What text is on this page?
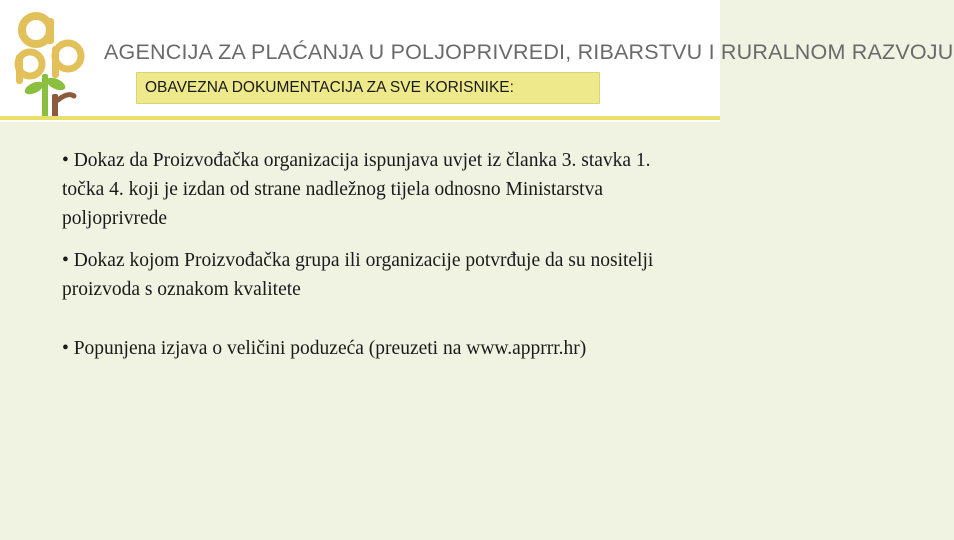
AGENCIJA ZA PLAĆANJA U POLJOPRIVREDI, RIBARSTVU I RURALNOM RAZVOJU
OBAVEZNA DOKUMENTACIJA ZA SVE KORISNIKE:
• Dokaz da Proizvođačka organizacija ispunjava uvjet iz članka 3. stavka 1. točka 4. koji je izdan od strane nadležnog tijela odnosno Ministarstva poljoprivrede
• Dokaz kojom Proizvođačka grupa ili organizacije potvrđuje da su nositelji proizvoda s oznakom kvalitete
• Popunjena izjava o veličini poduzeća (preuzeti na www.apprrr.hr)
